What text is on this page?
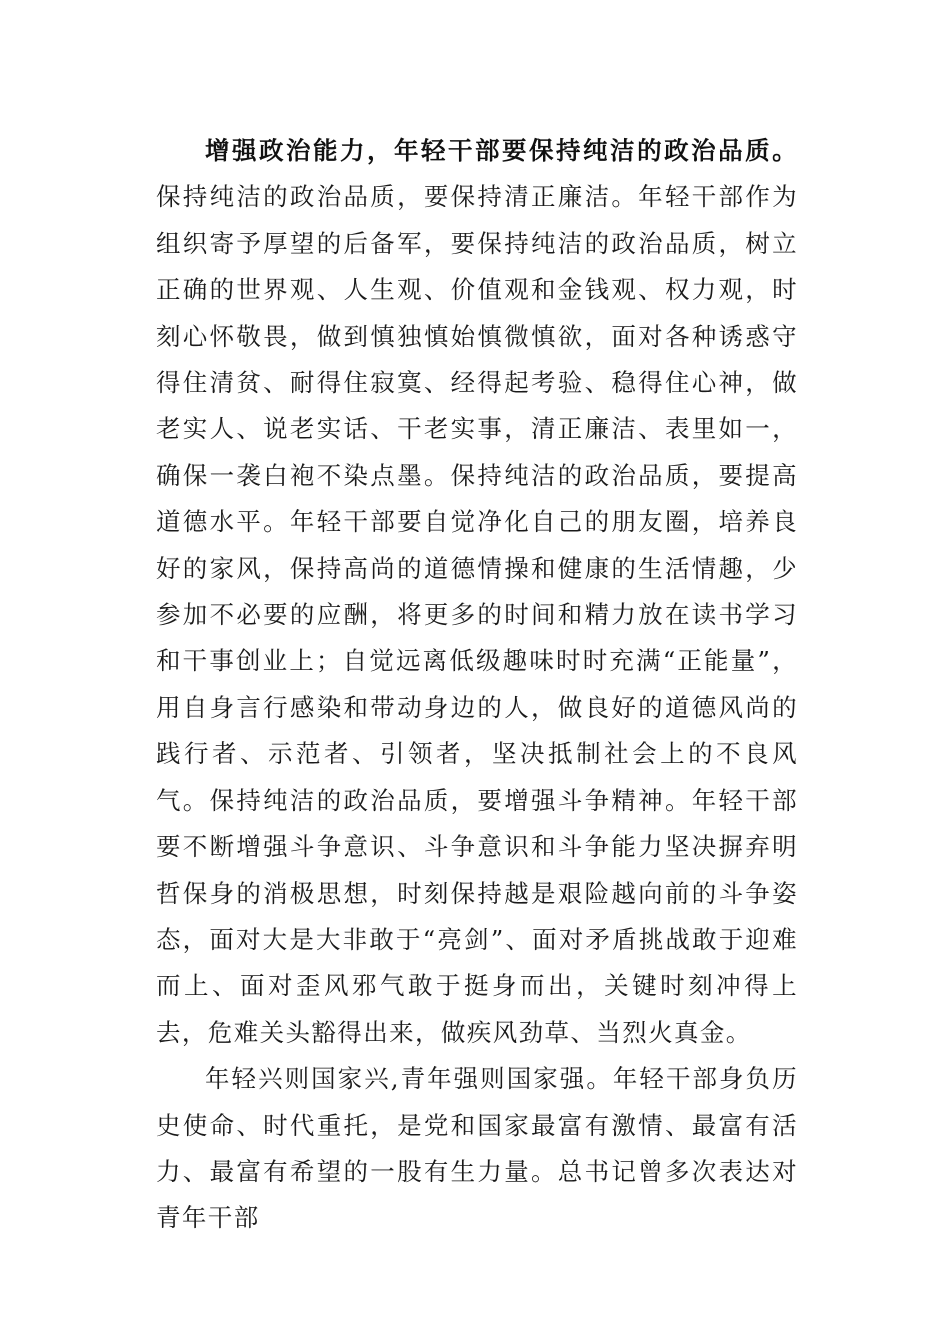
增强政治能力，年轻干部要保持纯洁的政治品质。保持纯洁的政治品质，要保持清正廉洁。年轻干部作为组织寄予厚望的后备军，要保持纯洁的政治品质，树立正确的世界观、人生观、价值观和金钱观、权力观，时刻心怀敬畏，做到慎独慎始慎微慎欲，面对各种诱惑守得住清贫、耐得住寂寞、经得起考验、稳得住心神，做老实人、说老实话、干老实事，清正廉洁、表里如一，确保一袭白袍不染点墨。保持纯洁的政治品质，要提高道德水平。年轻干部要自觉净化自己的朋友圈，培养良好的家风，保持高尚的道德情操和健康的生活情趣，少参加不必要的应酬，将更多的时间和精力放在读书学习和干事创业上；自觉远离低级趣味时时充满“正能量”，用自身言行感染和带动身边的人，做良好的道德风尚的践行者、示范者、引领者，坚决抵制社会上的不良风气。保持纯洁的政治品质，要增强斗争精神。年轻干部要不断增强斗争意识、斗争意识和斗争能力坚决摒弃明哲保身的消极思想，时刻保持越是艰险越向前的斗争姿态，面对大是大非敢于“亮剑”、面对矛盾挑战敢于迎难而上、面对歪风邪气敢于挺身而出，关键时刻冲得上去，危难关头豁得出来，做疾风劲草、当烈火真金。

年轻兴则国家兴,青年强则国家强。年轻干部身负历史使命、时代重托，是党和国家最富有激情、最富有活力、最富有希望的一股有生力量。总书记曾多次表达对青年干部
